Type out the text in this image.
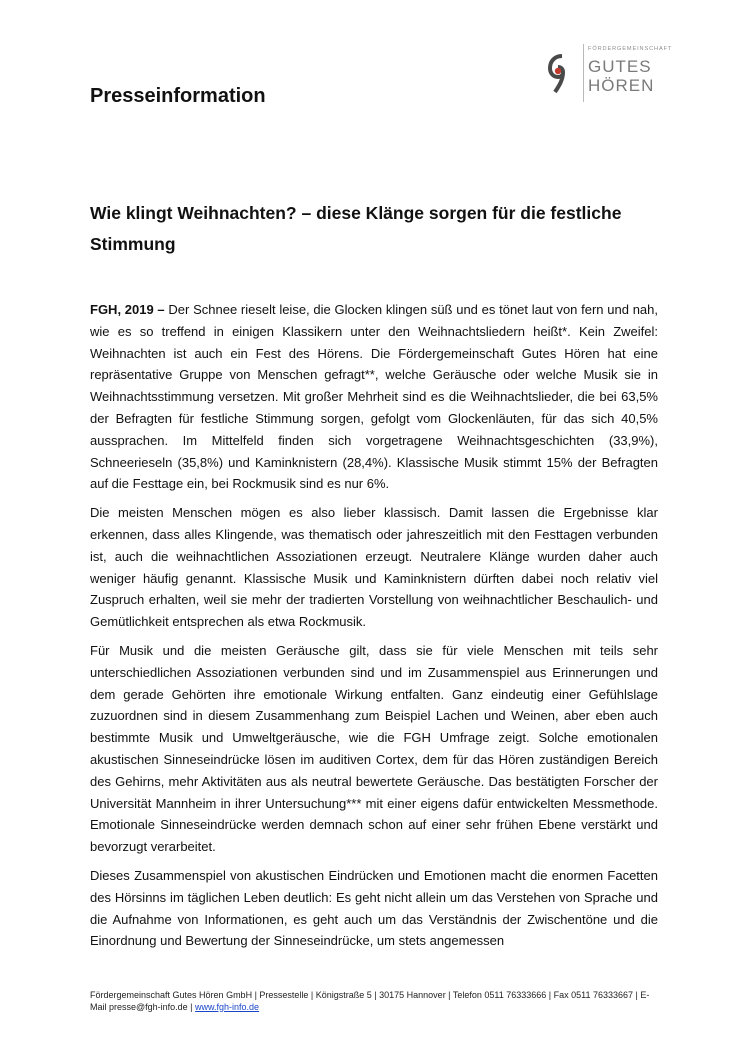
FÖRDERGEMEINSCHAFT
GUTES
HÖREN
Presseinformation
Wie klingt Weihnachten? – diese Klänge sorgen für die festliche Stimmung

FGH, 2019 – Der Schnee rieselt leise, die Glocken klingen süß und es tönet laut von fern und nah, wie es so treffend in einigen Klassikern unter den Weihnachtsliedern heißt*. Kein Zweifel: Weihnachten ist auch ein Fest des Hörens. Die Fördergemeinschaft Gutes Hören hat eine repräsentative Gruppe von Menschen gefragt**, welche Geräusche oder welche Musik sie in Weihnachtsstimmung versetzen. Mit großer Mehrheit sind es die Weihnachtslieder, die bei 63,5% der Befragten für festliche Stimmung sorgen, gefolgt vom Glockenläuten, für das sich 40,5% aussprachen. Im Mittelfeld finden sich vorgetragene Weihnachtsgeschichten (33,9%), Schneerieseln (35,8%) und Kaminknistern (28,4%). Klassische Musik stimmt 15% der Befragten auf die Festtage ein, bei Rockmusik sind es nur 6%.

Die meisten Menschen mögen es also lieber klassisch. Damit lassen die Ergebnisse klar erkennen, dass alles Klingende, was thematisch oder jahreszeitlich mit den Festtagen verbunden ist, auch die weihnachtlichen Assoziationen erzeugt. Neutralere Klänge wurden daher auch weniger häufig genannt. Klassische Musik und Kaminknistern dürften dabei noch relativ viel Zuspruch erhalten, weil sie mehr der tradierten Vorstellung von weihnachtlicher Beschaulich- und Gemütlichkeit entsprechen als etwa Rockmusik.

Für Musik und die meisten Geräusche gilt, dass sie für viele Menschen mit teils sehr unterschiedlichen Assoziationen verbunden sind und im Zusammenspiel aus Erinnerungen und dem gerade Gehörten ihre emotionale Wirkung entfalten. Ganz eindeutig einer Gefühlslage zuzuordnen sind in diesem Zusammenhang zum Beispiel Lachen und Weinen, aber eben auch bestimmte Musik und Umweltgeräusche, wie die FGH Umfrage zeigt. Solche emotionalen akustischen Sinneseindrücke lösen im auditiven Cortex, dem für das Hören zuständigen Bereich des Gehirns, mehr Aktivitäten aus als neutral bewertete Geräusche. Das bestätigten Forscher der Universität Mannheim in ihrer Untersuchung*** mit einer eigens dafür entwickelten Messmethode. Emotionale Sinneseindrücke werden demnach schon auf einer sehr frühen Ebene verstärkt und bevorzugt verarbeitet.

Dieses Zusammenspiel von akustischen Eindrücken und Emotionen macht die enormen Facetten des Hörsinns im täglichen Leben deutlich: Es geht nicht allein um das Verstehen von Sprache und die Aufnahme von Informationen, es geht auch um das Verständnis der Zwischentöne und die Einordnung und Bewertung der Sinneseindrücke, um stets angemessen

Fördergemeinschaft Gutes Hören GmbH | Pressestelle | Königstraße 5 | 30175 Hannover | Telefon 0511 76333666 | Fax 0511 76333667 | E-Mail presse@fgh-info.de | www.fgh-info.de
